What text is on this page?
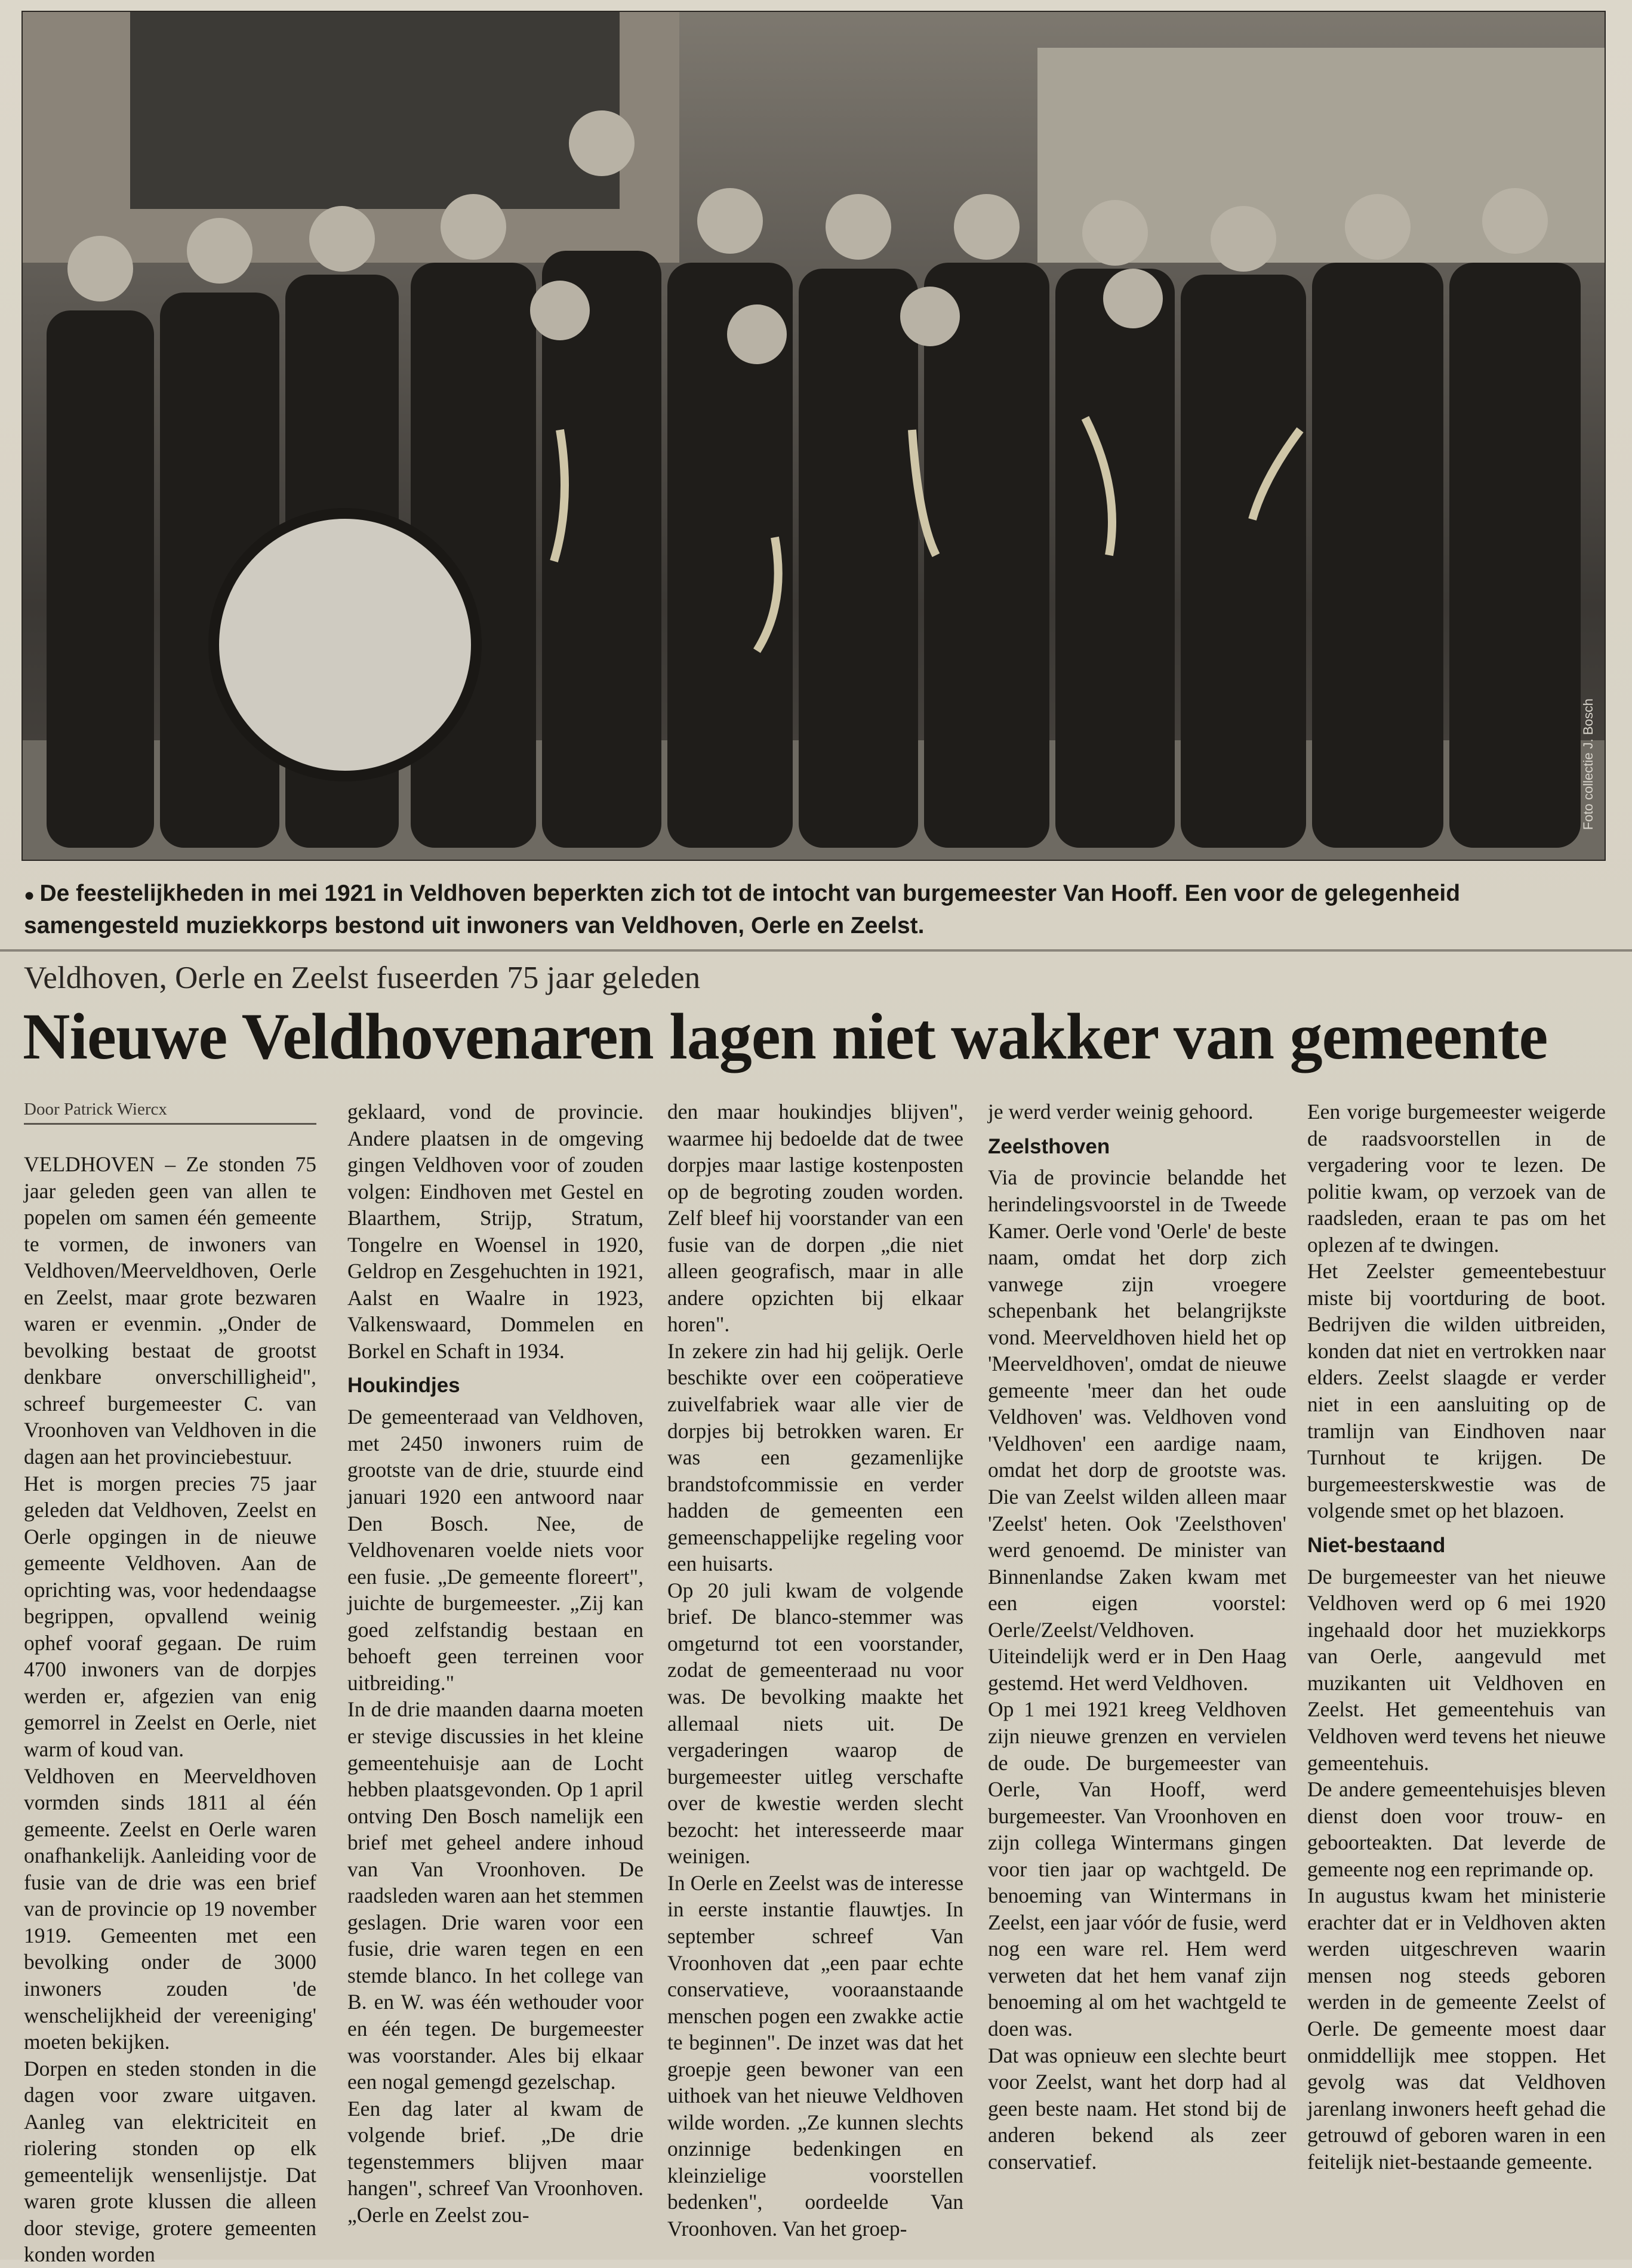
Foto collectie J. Bosch
● De feestelijkheden in mei 1921 in Veldhoven beperkten zich tot de intocht van burgemeester Van Hooff. Een voor de gelegenheid samengesteld muziekkorps bestond uit inwoners van Veldhoven, Oerle en Zeelst.
Veldhoven, Oerle en Zeelst fuseerden 75 jaar geleden
Nieuwe Veldhovenaren lagen niet wakker van gemeente
Door Patrick Wiercx

VELDHOVEN – Ze stonden 75 jaar geleden geen van allen te popelen om samen één gemeente te vormen, de inwoners van Veldhoven/Meerveldhoven, Oerle en Zeelst, maar grote bezwaren waren er evenmin. „Onder de bevolking bestaat de grootst denkbare onverschilligheid", schreef burgemeester C. van Vroonhoven van Veldhoven in die dagen aan het provinciebestuur.

Het is morgen precies 75 jaar geleden dat Veldhoven, Zeelst en Oerle opgingen in de nieuwe gemeente Veldhoven. Aan de oprichting was, voor hedendaagse begrippen, opvallend weinig ophef vooraf gegaan. De ruim 4700 inwoners van de dorpjes werden er, afgezien van enig gemorrel in Zeelst en Oerle, niet warm of koud van.

Veldhoven en Meerveldhoven vormden sinds 1811 al één gemeente. Zeelst en Oerle waren onafhankelijk. Aanleiding voor de fusie van de drie was een brief van de provincie op 19 november 1919. Gemeenten met een bevolking onder de 3000 inwoners zouden 'de wenschelijkheid der vereeniging' moeten bekijken.

Dorpen en steden stonden in die dagen voor zware uitgaven. Aanleg van elektriciteit en riolering stonden op elk gemeentelijk wensenlijstje. Dat waren grote klussen die alleen door stevige, grotere gemeenten konden worden

geklaard, vond de provincie. Andere plaatsen in de omgeving gingen Veldhoven voor of zouden volgen: Eindhoven met Gestel en Blaarthem, Strijp, Stratum, Tongelre en Woensel in 1920, Geldrop en Zesgehuchten in 1921, Aalst en Waalre in 1923, Valkenswaard, Dommelen en Borkel en Schaft in 1934.

Houkindjes

De gemeenteraad van Veldhoven, met 2450 inwoners ruim de grootste van de drie, stuurde eind januari 1920 een antwoord naar Den Bosch. Nee, de Veldhovenaren voelde niets voor een fusie. „De gemeente floreert", juichte de burgemeester. „Zij kan goed zelfstandig bestaan en behoeft geen terreinen voor uitbreiding."

In de drie maanden daarna moeten er stevige discussies in het kleine gemeentehuisje aan de Locht hebben plaatsgevonden. Op 1 april ontving Den Bosch namelijk een brief met geheel andere inhoud van Van Vroonhoven. De raadsleden waren aan het stemmen geslagen. Drie waren voor een fusie, drie waren tegen en een stemde blanco. In het college van B. en W. was één wethouder voor en één tegen. De burgemeester was voorstander. Ales bij elkaar een nogal gemengd gezelschap.

Een dag later al kwam de volgende brief. „De drie tegenstemmers blijven maar hangen", schreef Van Vroonhoven. „Oerle en Zeelst zou-

den maar houkindjes blijven", waarmee hij bedoelde dat de twee dorpjes maar lastige kostenposten op de begroting zouden worden. Zelf bleef hij voorstander van een fusie van de dorpen „die niet alleen geografisch, maar in alle andere opzichten bij elkaar horen".

In zekere zin had hij gelijk. Oerle beschikte over een coöperatieve zuivelfabriek waar alle vier de dorpjes bij betrokken waren. Er was een gezamenlijke brandstofcommissie en verder hadden de gemeenten een gemeenschappelijke regeling voor een huisarts.

Op 20 juli kwam de volgende brief. De blanco-stemmer was omgeturnd tot een voorstander, zodat de gemeenteraad nu voor was. De bevolking maakte het allemaal niets uit. De vergaderingen waarop de burgemeester uitleg verschafte over de kwestie werden slecht bezocht: het interesseerde maar weinigen.

In Oerle en Zeelst was de interesse in eerste instantie flauwtjes. In september schreef Van Vroonhoven dat „een paar echte conservatieve, vooraanstaande menschen pogen een zwakke actie te beginnen". De inzet was dat het groepje geen bewoner van een uithoek van het nieuwe Veldhoven wilde worden. „Ze kunnen slechts onzinnige bedenkingen en kleinzielige voorstellen bedenken", oordeelde Van Vroonhoven. Van het groep-

je werd verder weinig gehoord.

Zeelsthoven

Via de provincie belandde het herindelingsvoorstel in de Tweede Kamer. Oerle vond 'Oerle' de beste naam, omdat het dorp zich vanwege zijn vroegere schepenbank het belangrijkste vond. Meerveldhoven hield het op 'Meerveldhoven', omdat de nieuwe gemeente 'meer dan het oude Veldhoven' was. Veldhoven vond 'Veldhoven' een aardige naam, omdat het dorp de grootste was. Die van Zeelst wilden alleen maar 'Zeelst' heten. Ook 'Zeelsthoven' werd genoemd. De minister van Binnenlandse Zaken kwam met een eigen voorstel: Oerle/Zeelst/Veldhoven. Uiteindelijk werd er in Den Haag gestemd. Het werd Veldhoven.

Op 1 mei 1921 kreeg Veldhoven zijn nieuwe grenzen en vervielen de oude. De burgemeester van Oerle, Van Hooff, werd burgemeester. Van Vroonhoven en zijn collega Wintermans gingen voor tien jaar op wachtgeld. De benoeming van Wintermans in Zeelst, een jaar vóór de fusie, werd nog een ware rel. Hem werd verweten dat het hem vanaf zijn benoeming al om het wachtgeld te doen was.

Dat was opnieuw een slechte beurt voor Zeelst, want het dorp had al geen beste naam. Het stond bij de anderen bekend als zeer conservatief.

Een vorige burgemeester weigerde de raadsvoorstellen in de vergadering voor te lezen. De politie kwam, op verzoek van de raadsleden, eraan te pas om het oplezen af te dwingen.

Het Zeelster gemeentebestuur miste bij voortduring de boot. Bedrijven die wilden uitbreiden, konden dat niet en vertrokken naar elders. Zeelst slaagde er verder niet in een aansluiting op de tramlijn van Eindhoven naar Turnhout te krijgen. De burgemeesterskwestie was de volgende smet op het blazoen.

Niet-bestaand

De burgemeester van het nieuwe Veldhoven werd op 6 mei 1920 ingehaald door het muziekkorps van Oerle, aangevuld met muzikanten uit Veldhoven en Zeelst. Het gemeentehuis van Veldhoven werd tevens het nieuwe gemeentehuis.

De andere gemeentehuisjes bleven dienst doen voor trouw- en geboorteakten. Dat leverde de gemeente nog een reprimande op.

In augustus kwam het ministerie erachter dat er in Veldhoven akten werden uitgeschreven waarin mensen nog steeds geboren werden in de gemeente Zeelst of Oerle. De gemeente moest daar onmiddellijk mee stoppen. Het gevolg was dat Veldhoven jarenlang inwoners heeft gehad die getrouwd of geboren waren in een feitelijk niet-bestaande gemeente.
